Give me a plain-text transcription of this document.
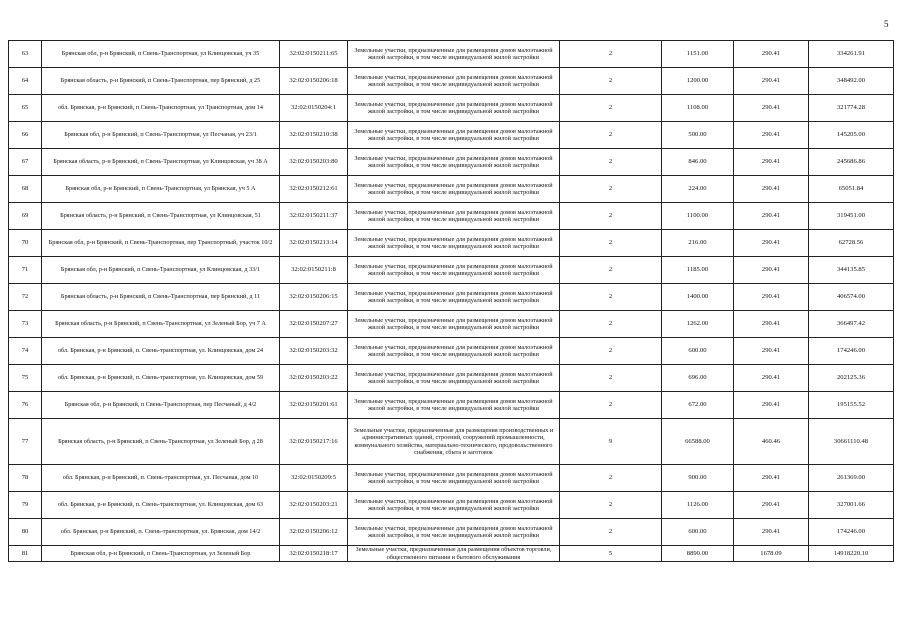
5
63	Брянская обл, р-н Брянский, п Свень-Транспортная, ул Клинцовская, уч 35	32:02:0150211:65	Земельные участки, предназначенные для размещения домов малоэтажной жилой застройки, в том числе индивидуальной жилой застройки	2	1151.00	290.41	334261.91
64	Брянская область, р-н Брянский, п Свень-Транспортная, пер Брянский, д 25	32:02:0150206:18	Земельные участки, предназначенные для размещения домов малоэтажной жилой застройки, в том числе индивидуальной жилой застройки	2	1200.00	290.41	348492.00
65	обл. Брянская, р-н Брянский, п Свень-Транспортная, ул Транспортная, дом 14	32:02:0150204:1	Земельные участки, предназначенные для размещения домов малоэтажной жилой застройки, в том числе индивидуальной жилой застройки	2	1108.00	290.41	321774.28
66	Брянская обл, р-н Брянский, п Свень-Транспортная, ул Песчаная, уч 23/1	32:02:0150210:38	Земельные участки, предназначенные для размещения домов малоэтажной жилой застройки, в том числе индивидуальной жилой застройки	2	500.00	290.41	145205.00
67	Брянская область, р-н Брянский, п Свень-Транспортная, ул Клинцовская, уч 38 А	32:02:0150203:80	Земельные участки, предназначенные для размещения домов малоэтажной жилой застройки, в том числе индивидуальной жилой застройки	2	846.00	290.41	245686.86
68	Брянская обл, р-н Брянский, п Свень-Транспортная, ул Брянская, уч 5 А	32:02:0150212:61	Земельные участки, предназначенные для размещения домов малоэтажной жилой застройки, в том числе индивидуальной жилой застройки	2	224.00	290.41	65051.84
69	Брянская область, р-н Брянский, п Свень-Транспортная, ул Клинцовская, 51	32:02:0150211:37	Земельные участки, предназначенные для размещения домов малоэтажной жилой застройки, в том числе индивидуальной жилой застройки	2	1100.00	290.41	319451.00
70	Брянская обл, р-н Брянский, п Свень-Транспортная, пер Транспортный, участок 10/2	32:02:0150213:14	Земельные участки, предназначенные для размещения домов малоэтажной жилой застройки, в том числе индивидуальной жилой застройки	2	216.00	290.41	62728.56
71	Брянская обл, р-н Брянский, п Свень-Транспортная, ул Клинцовская, д 33/1	32:02:0150211:8	Земельные участки, предназначенные для размещения домов малоэтажной жилой застройки, в том числе индивидуальной жилой застройки	2	1185.00	290.41	344135.85
72	Брянская область, р-н Брянский, п Свень-Транспортная, пер Брянский, д 11	32:02:0150206:15	Земельные участки, предназначенные для размещения домов малоэтажной жилой застройки, в том числе индивидуальной жилой застройки	2	1400.00	290.41	406574.00
73	Брянская область, р-н Брянский, п Свень-Транспортная, ул Зеленый Бор, уч 7 А	32:02:0150207:27	Земельные участки, предназначенные для размещения домов малоэтажной жилой застройки, в том числе индивидуальной жилой застройки	2	1262.00	290.41	366497.42
74	обл. Брянская, р-н Брянский, п. Свень-транспортная, ул. Клинцовская, дом 24	32:02:0150203:32	Земельные участки, предназначенные для размещения домов малоэтажной жилой застройки, в том числе индивидуальной жилой застройки	2	600.00	290.41	174246.00
75	обл. Брянская, р-н Брянский, п. Свень-транспортная, ул. Клинцовская, дом 59	32:02:0150203:22	Земельные участки, предназначенные для размещения домов малоэтажной жилой застройки, в том числе индивидуальной жилой застройки	2	696.00	290.41	202125.36
76	Брянская обл, р-н Брянский, п Свень-Транспортная, пер Песчаный, д 4/2	32:02:0150201:61	Земельные участки, предназначенные для размещения домов малоэтажной жилой застройки, в том числе индивидуальной жилой застройки	2	672.00	290.41	195155.52
77	Брянская область, р-н Брянский, п Свень-Транспортная, ул Зеленый Бор, д 28	32:02:0150217:16	Земельные участки, предназначенные для размещения производственных и административных зданий, строений, сооружений промышленности, коммунального хозяйства, материально-технического, продовольственного снабжения, сбыта и заготовок	9	66588.00	460.46	30661110.48
78	обл. Брянская, р-н Брянский, п. Свень-транспортная, ул. Песчаная, дом 10	32:02:0150209:5	Земельные участки, предназначенные для размещения домов малоэтажной жилой застройки, в том числе индивидуальной жилой застройки	2	900.00	290.41	261369.00
79	обл. Брянская, р-н Брянский, п. Свень-транспортная, ул. Клинцовская, дом 63	32:02:0150203:21	Земельные участки, предназначенные для размещения домов малоэтажной жилой застройки, в том числе индивидуальной жилой застройки	2	1126.00	290.41	327001.66
80	обл. Брянская, р-н Брянский, п. Свень-транспортная, ул. Брянская, дом 14/2	32:02:0150206:12	Земельные участки, предназначенные для размещения домов малоэтажной жилой застройки, в том числе индивидуальной жилой застройки	2	600.00	290.41	174246.00
81	Брянская обл, р-н Брянский, п Свень-Транспортная, ул Зеленый Бор	32:02:0150218:17	Земельные участки, предназначенные для размещения объектов торговли, общественного питания и бытового обслуживания	5	8890.00	1678.09	14918220.10
